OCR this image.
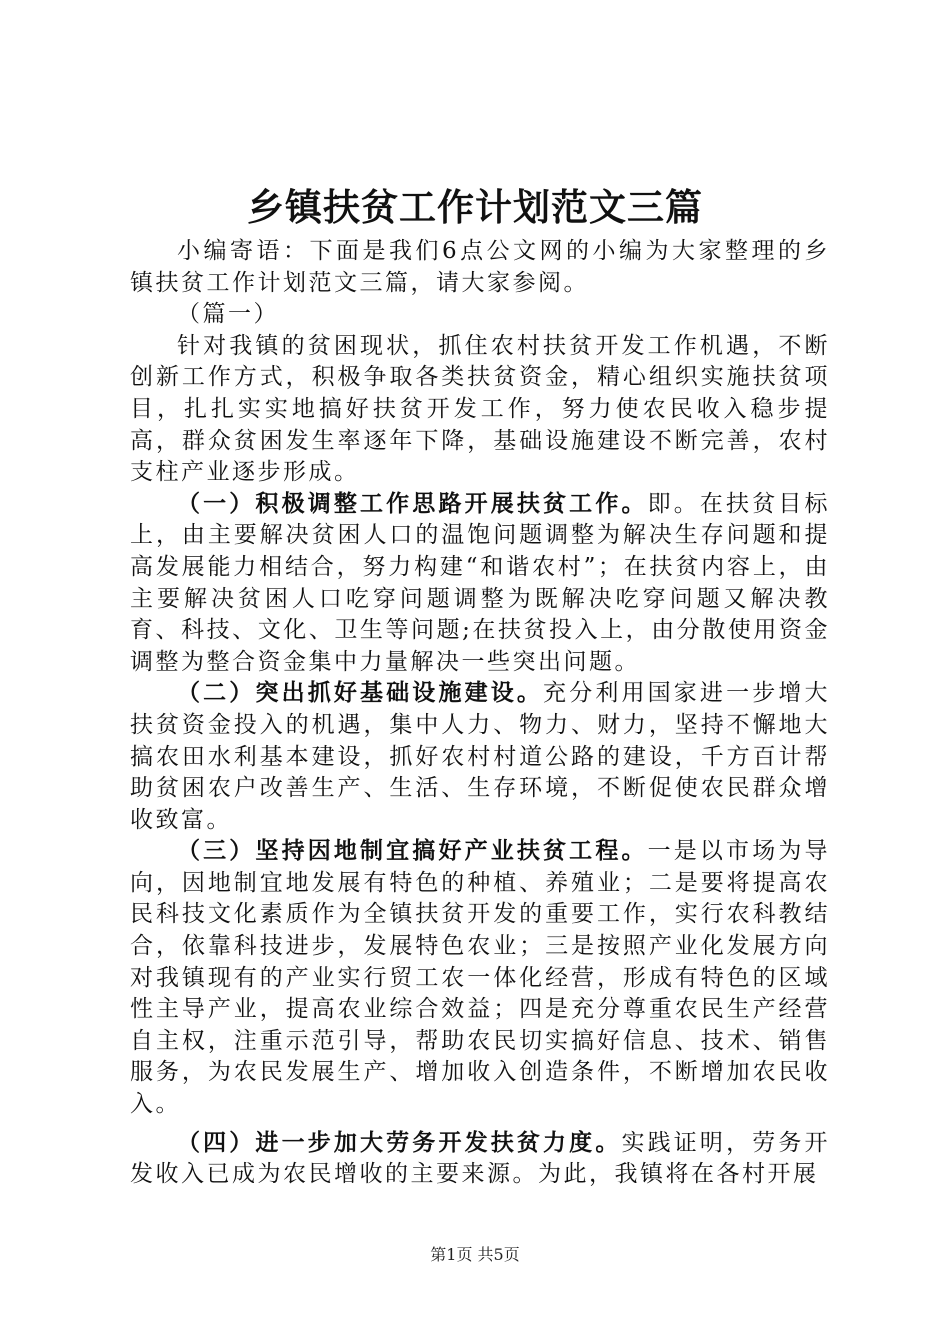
乡镇扶贫工作计划范文三篇

小编寄语：下面是我们6点公文网的小编为大家整理的乡镇扶贫工作计划范文三篇，请大家参阅。

（篇一）

针对我镇的贫困现状，抓住农村扶贫开发工作机遇，不断创新工作方式，积极争取各类扶贫资金，精心组织实施扶贫项目，扎扎实实地搞好扶贫开发工作，努力使农民收入稳步提高，群众贫困发生率逐年下降，基础设施建设不断完善，农村支柱产业逐步形成。

（一）积极调整工作思路开展扶贫工作。即。在扶贫目标上，由主要解决贫困人口的温饱问题调整为解决生存问题和提高发展能力相结合，努力构建“和谐农村”；在扶贫内容上，由主要解决贫困人口吃穿问题调整为既解决吃穿问题又解决教育、科技、文化、卫生等问题;在扶贫投入上，由分散使用资金调整为整合资金集中力量解决一些突出问题。

（二）突出抓好基础设施建设。充分利用国家进一步增大扶贫资金投入的机遇，集中人力、物力、财力，坚持不懈地大搞农田水利基本建设，抓好农村村道公路的建设，千方百计帮助贫困农户改善生产、生活、生存环境，不断促使农民群众增收致富。

（三）坚持因地制宜搞好产业扶贫工程。一是以市场为导向，因地制宜地发展有特色的种植、养殖业；二是要将提高农民科技文化素质作为全镇扶贫开发的重要工作，实行农科教结合，依靠科技进步，发展特色农业；三是按照产业化发展方向对我镇现有的产业实行贸工农一体化经营，形成有特色的区域性主导产业，提高农业综合效益；四是充分尊重农民生产经营自主权，注重示范引导，帮助农民切实搞好信息、技术、销售服务，为农民发展生产、增加收入创造条件，不断增加农民收入。

（四）进一步加大劳务开发扶贫力度。实践证明，劳务开发收入已成为农民增收的主要来源。为此，我镇将在各村开展

第1页 共5页
